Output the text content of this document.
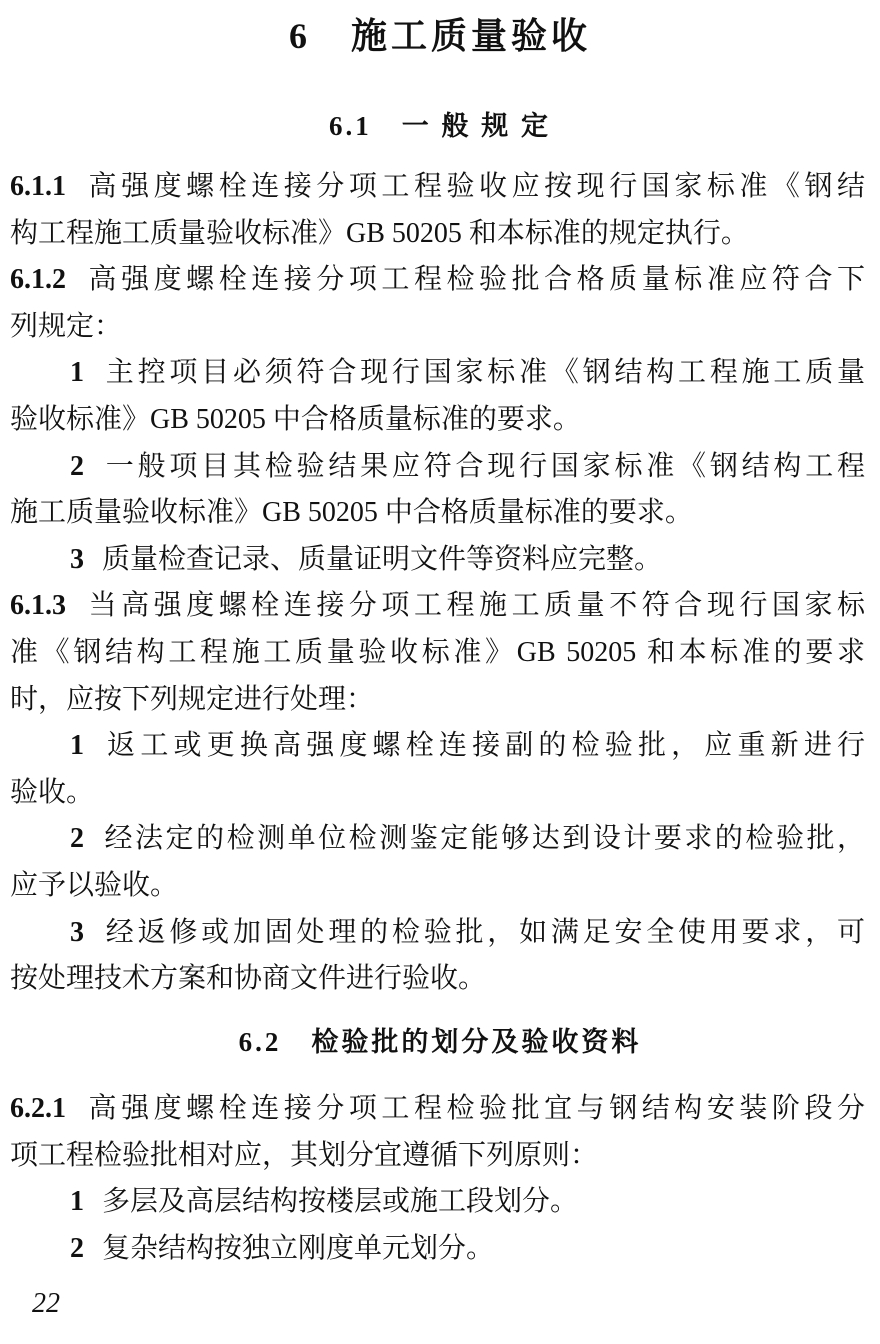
6　施工质量验收
6.1　一 般 规 定
6.1.1 高强度螺栓连接分项工程验收应按现行国家标准《钢结
构工程施工质量验收标准》GB 50205 和本标准的规定执行。
6.1.2 高强度螺栓连接分项工程检验批合格质量标准应符合下
列规定：
1 主控项目必须符合现行国家标准《钢结构工程施工质量
验收标准》GB 50205 中合格质量标准的要求。
2 一般项目其检验结果应符合现行国家标准《钢结构工程
施工质量验收标准》GB 50205 中合格质量标准的要求。
3 质量检查记录、质量证明文件等资料应完整。
6.1.3 当高强度螺栓连接分项工程施工质量不符合现行国家标
准《钢结构工程施工质量验收标准》GB 50205 和本标准的要求
时，应按下列规定进行处理：
1 返工或更换高强度螺栓连接副的检验批，应重新进行
验收。
2 经法定的检测单位检测鉴定能够达到设计要求的检验批，
应予以验收。
3 经返修或加固处理的检验批，如满足安全使用要求，可
按处理技术方案和协商文件进行验收。
6.2　检验批的划分及验收资料
6.2.1 高强度螺栓连接分项工程检验批宜与钢结构安装阶段分
项工程检验批相对应，其划分宜遵循下列原则：
1 多层及高层结构按楼层或施工段划分。
2 复杂结构按独立刚度单元划分。
22
